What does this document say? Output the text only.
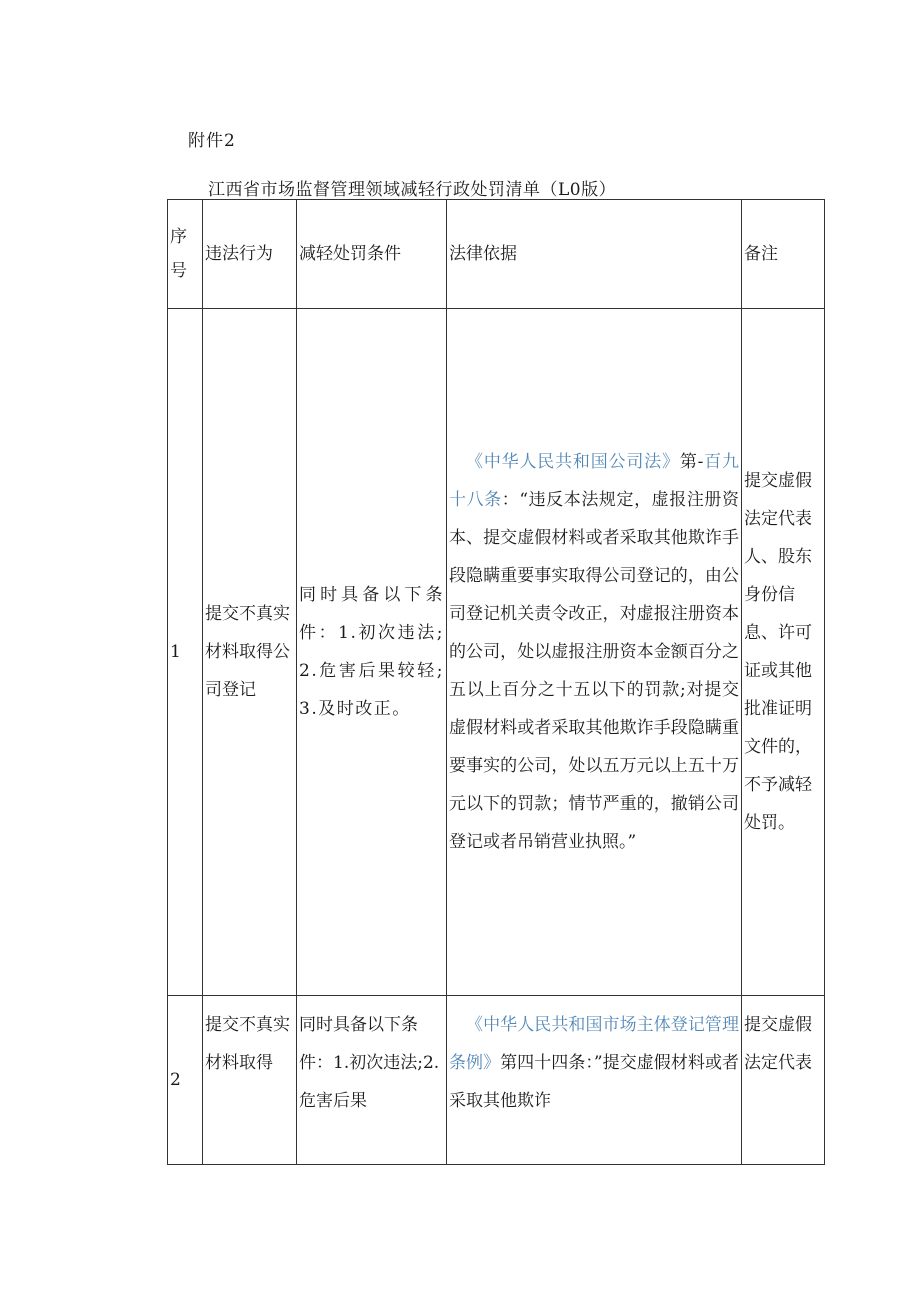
附件2
江西省市场监督管理领域减轻行政处罚清单（L0版）
序号	违法行为	减轻处罚条件	法律依据	备注
1	提交不真实材料取得公司登记	同时具备以下条件：1.初次违法;2.危害后果较轻;3.及时改正。	《中华人民共和国公司法》第-百九十八条：“违反本法规定，虚报注册资本、提交虚假材料或者采取其他欺诈手段隐瞒重要事实取得公司登记的，由公司登记机关责令改正，对虚报注册资本的公司，处以虚报注册资本金额百分之五以上百分之十五以下的罚款;对提交虚假材料或者采取其他欺诈手段隐瞒重要事实的公司，处以五万元以上五十万元以下的罚款；情节严重的，撤销公司登记或者吊销营业执照。”	提交虚假法定代表人、股东身份信息、许可证或其他批准证明文件的，不予减轻处罚。
2	提交不真实材料取得	同时具备以下条件：1.初次违法;2.危害后果	《中华人民共和国市场主体登记管理条例》第四十四条：”提交虚假材料或者采取其他欺诈	提交虚假法定代表
